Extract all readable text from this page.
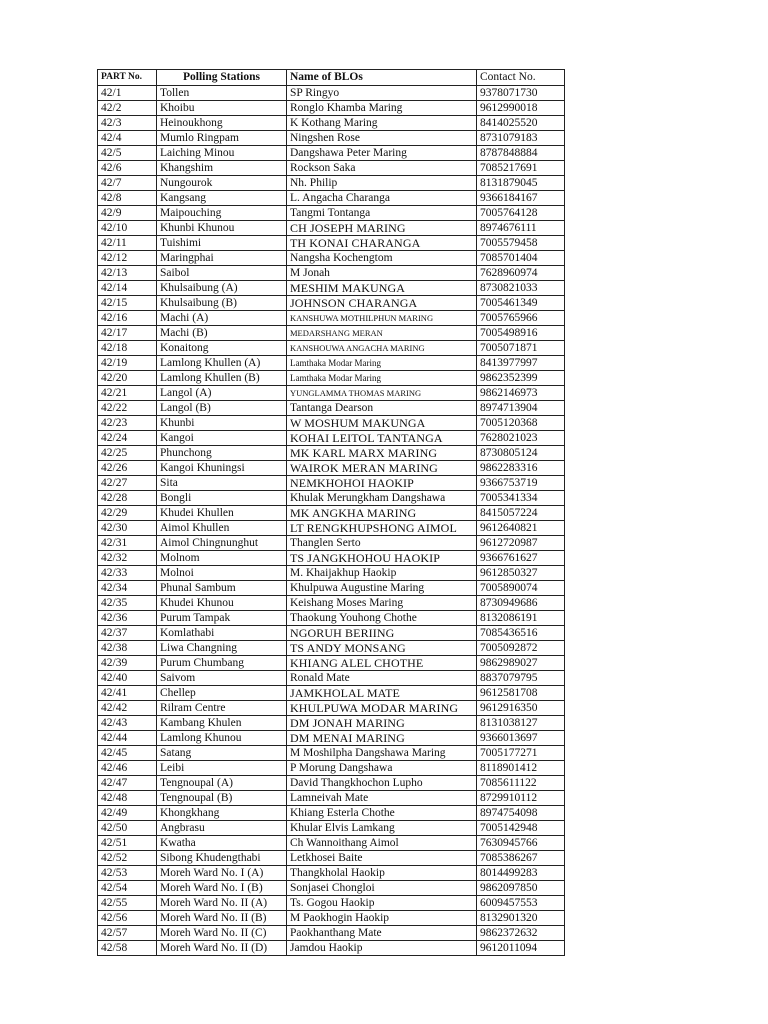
PART No.	Polling Stations	Name of BLOs	Contact No.
42/1	Tollen	SP Ringyo	9378071730
42/2	Khoibu	Ronglo Khamba Maring	9612990018
42/3	Heinoukhong	K Kothang Maring	8414025520
42/4	Mumlo Ringpam	Ningshen Rose	8731079183
42/5	Laiching Minou	Dangshawa Peter Maring	8787848884
42/6	Khangshim	Rockson Saka	7085217691
42/7	Nungourok	Nh. Philip	8131879045
42/8	Kangsang	L. Angacha Charanga	9366184167
42/9	Maipouching	Tangmi Tontanga	7005764128
42/10	Khunbi Khunou	CH JOSEPH MARING	8974676111
42/11	Tuishimi	TH KONAI CHARANGA	7005579458
42/12	Maringphai	Nangsha Kochengtom	7085701404
42/13	Saibol	M Jonah	7628960974
42/14	Khulsaibung (A)	MESHIM MAKUNGA	8730821033
42/15	Khulsaibung (B)	JOHNSON CHARANGA	7005461349
42/16	Machi (A)	KANSHUWA MOTHILPHUN MARING	7005765966
42/17	Machi (B)	MEDARSHANG MERAN	7005498916
42/18	Konaitong	KANSHOUWA ANGACHA MARING	7005071871
42/19	Lamlong Khullen (A)	Lamthaka Modar Maring	8413977997
42/20	Lamlong Khullen (B)	Lamthaka Modar Maring	9862352399
42/21	Langol (A)	YUNGLAMMA THOMAS MARING	9862146973
42/22	Langol (B)	Tantanga Dearson	8974713904
42/23	Khunbi	W MOSHUM MAKUNGA	7005120368
42/24	Kangoi	KOHAI LEITOL TANTANGA	7628021023
42/25	Phunchong	MK KARL MARX MARING	8730805124
42/26	Kangoi Khuningsi	WAIROK MERAN MARING	9862283316
42/27	Sita	NEMKHOHOI HAOKIP	9366753719
42/28	Bongli	Khulak Merungkham Dangshawa	7005341334
42/29	Khudei Khullen	MK ANGKHA MARING	8415057224
42/30	Aimol Khullen	LT RENGKHUPSHONG AIMOL	9612640821
42/31	Aimol Chingnunghut	Thanglen Serto	9612720987
42/32	Molnom	TS JANGKHOHOU HAOKIP	9366761627
42/33	Molnoi	M. Khaijakhup Haokip	9612850327
42/34	Phunal Sambum	Khulpuwa Augustine Maring	7005890074
42/35	Khudei Khunou	Keishang Moses Maring	8730949686
42/36	Purum Tampak	Thaokung Youhong Chothe	8132086191
42/37	Komlathabi	NGORUH BERIING	7085436516
42/38	Liwa Changning	TS ANDY MONSANG	7005092872
42/39	Purum Chumbang	KHIANG ALEL CHOTHE	9862989027
42/40	Saivom	Ronald Mate	8837079795
42/41	Chellep	JAMKHOLAL MATE	9612581708
42/42	Rilram Centre	KHULPUWA MODAR MARING	9612916350
42/43	Kambang Khulen	DM JONAH MARING	8131038127
42/44	Lamlong Khunou	DM MENAI MARING	9366013697
42/45	Satang	M Moshilpha Dangshawa Maring	7005177271
42/46	Leibi	P Morung Dangshawa	8118901412
42/47	Tengnoupal (A)	David Thangkhochon Lupho	7085611122
42/48	Tengnoupal (B)	Lamneivah Mate	8729910112
42/49	Khongkhang	Khiang Esterla Chothe	8974754098
42/50	Angbrasu	Khular Elvis Lamkang	7005142948
42/51	Kwatha	Ch Wannoithang Aimol	7630945766
42/52	Sibong Khudengthabi	Letkhosei Baite	7085386267
42/53	Moreh Ward No. I (A)	Thangkholal Haokip	8014499283
42/54	Moreh Ward No. I (B)	Sonjasei Chongloi	9862097850
42/55	Moreh Ward No. II (A)	Ts. Gogou Haokip	6009457553
42/56	Moreh Ward No. II (B)	M Paokhogin Haokip	8132901320
42/57	Moreh Ward No. II (C)	Paokhanthang Mate	9862372632
42/58	Moreh Ward No. II (D)	Jamdou Haokip	9612011094
